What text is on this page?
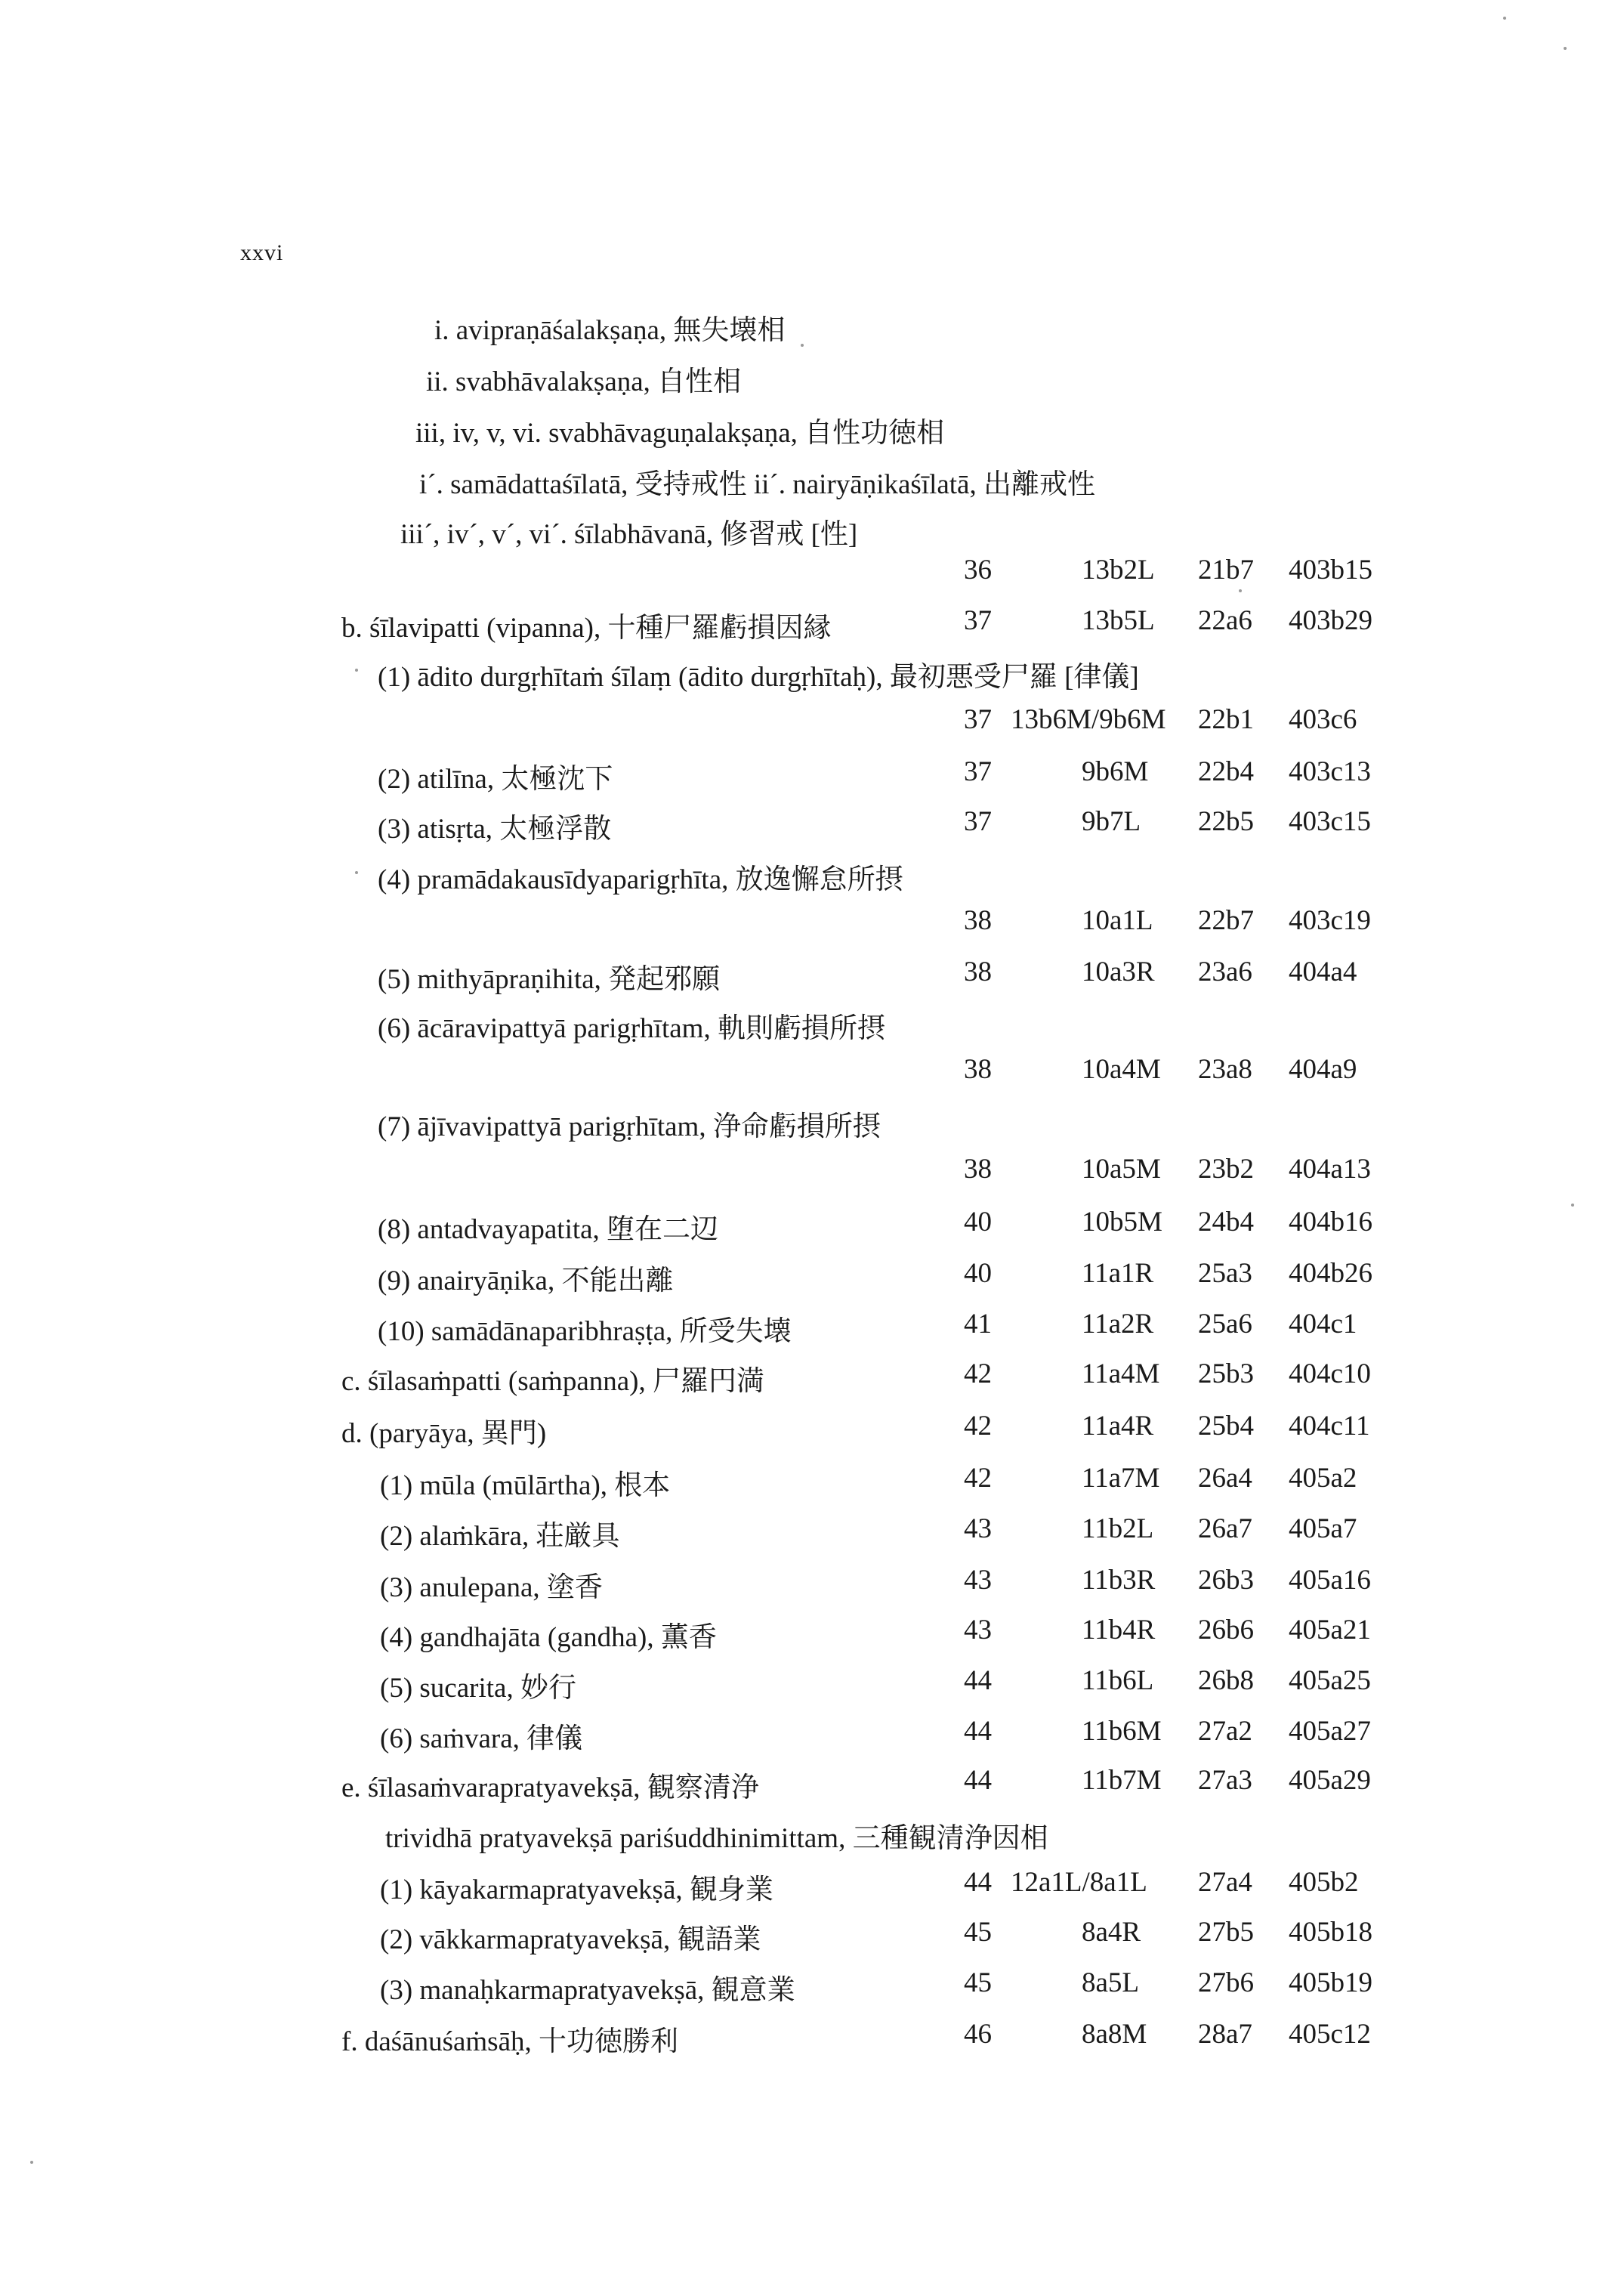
xxvi
i. avipraṇāśalakṣaṇa, 無失壊相
ii. svabhāvalakṣaṇa, 自性相
iii, iv, v, vi. svabhāvaguṇalakṣaṇa, 自性功徳相
i´. samādattaśīlatā, 受持戒性 ii´. nairyāṇikaśīlatā, 出離戒性
iii´, iv´, v´, vi´. śīlabhāvanā, 修習戒 [性]
36	13b2L 21b7 403b15
b. śīlavipatti (vipanna), 十種尸羅虧損因縁	37	13b5L 22a6 403b29
(1) ādito durgṛhītaṁ śīlaṃ (ādito durgṛhītaḥ), 最初悪受尸羅 [律儀]
37 13b6M/9b6M 22b1 403c6
(2) atilīna, 太極沈下	37	9b6M 22b4 403c13
(3) atisṛta, 太極浮散	37	9b7L 22b5 403c15
(4) pramādakausīdyaparigṛhīta, 放逸懈怠所摂
38	10a1L 22b7 403c19
(5) mithyāpraṇihita, 発起邪願	38	10a3R 23a6 404a4
(6) ācāravipattyā parigṛhītam, 軌則虧損所摂
38	10a4M 23a8 404a9
(7) ājīvavipattyā parigṛhītam, 浄命虧損所摂
38	10a5M 23b2 404a13
(8) antadvayapatita, 堕在二辺	40	10b5M 24b4 404b16
(9) anairyāṇika, 不能出離	40	11a1R 25a3 404b26
(10) samādānaparibhraṣṭa, 所受失壊	41	11a2R 25a6 404c1
c. śīlasaṁpatti (saṁpanna), 尸羅円満	42	11a4M 25b3 404c10
d. (paryāya, 異門)	42	11a4R 25b4 404c11
(1) mūla (mūlārtha), 根本	42	11a7M 26a4 405a2
(2) alaṁkāra, 荘厳具	43	11b2L 26a7 405a7
(3) anulepana, 塗香	43	11b3R 26b3 405a16
(4) gandhajāta (gandha), 薫香	43	11b4R 26b6 405a21
(5) sucarita, 妙行	44	11b6L 26b8 405a25
(6) saṁvara, 律儀	44	11b6M 27a2 405a27
e. śīlasaṁvarapratyavekṣā, 観察清浄	44	11b7M 27a3 405a29
trividhā pratyavekṣā pariśuddhinimittam, 三種観清浄因相
(1) kāyakarmapratyavekṣā, 観身業	44 12a1L/8a1L 27a4 405b2
(2) vākkarmapratyavekṣā, 観語業	45	8a4R 27b5 405b18
(3) manaḥkarmapratyavekṣā, 観意業	45	8a5L 27b6 405b19
f. daśānuśaṁsāḥ, 十功徳勝利	46	8a8M 28a7 405c12
